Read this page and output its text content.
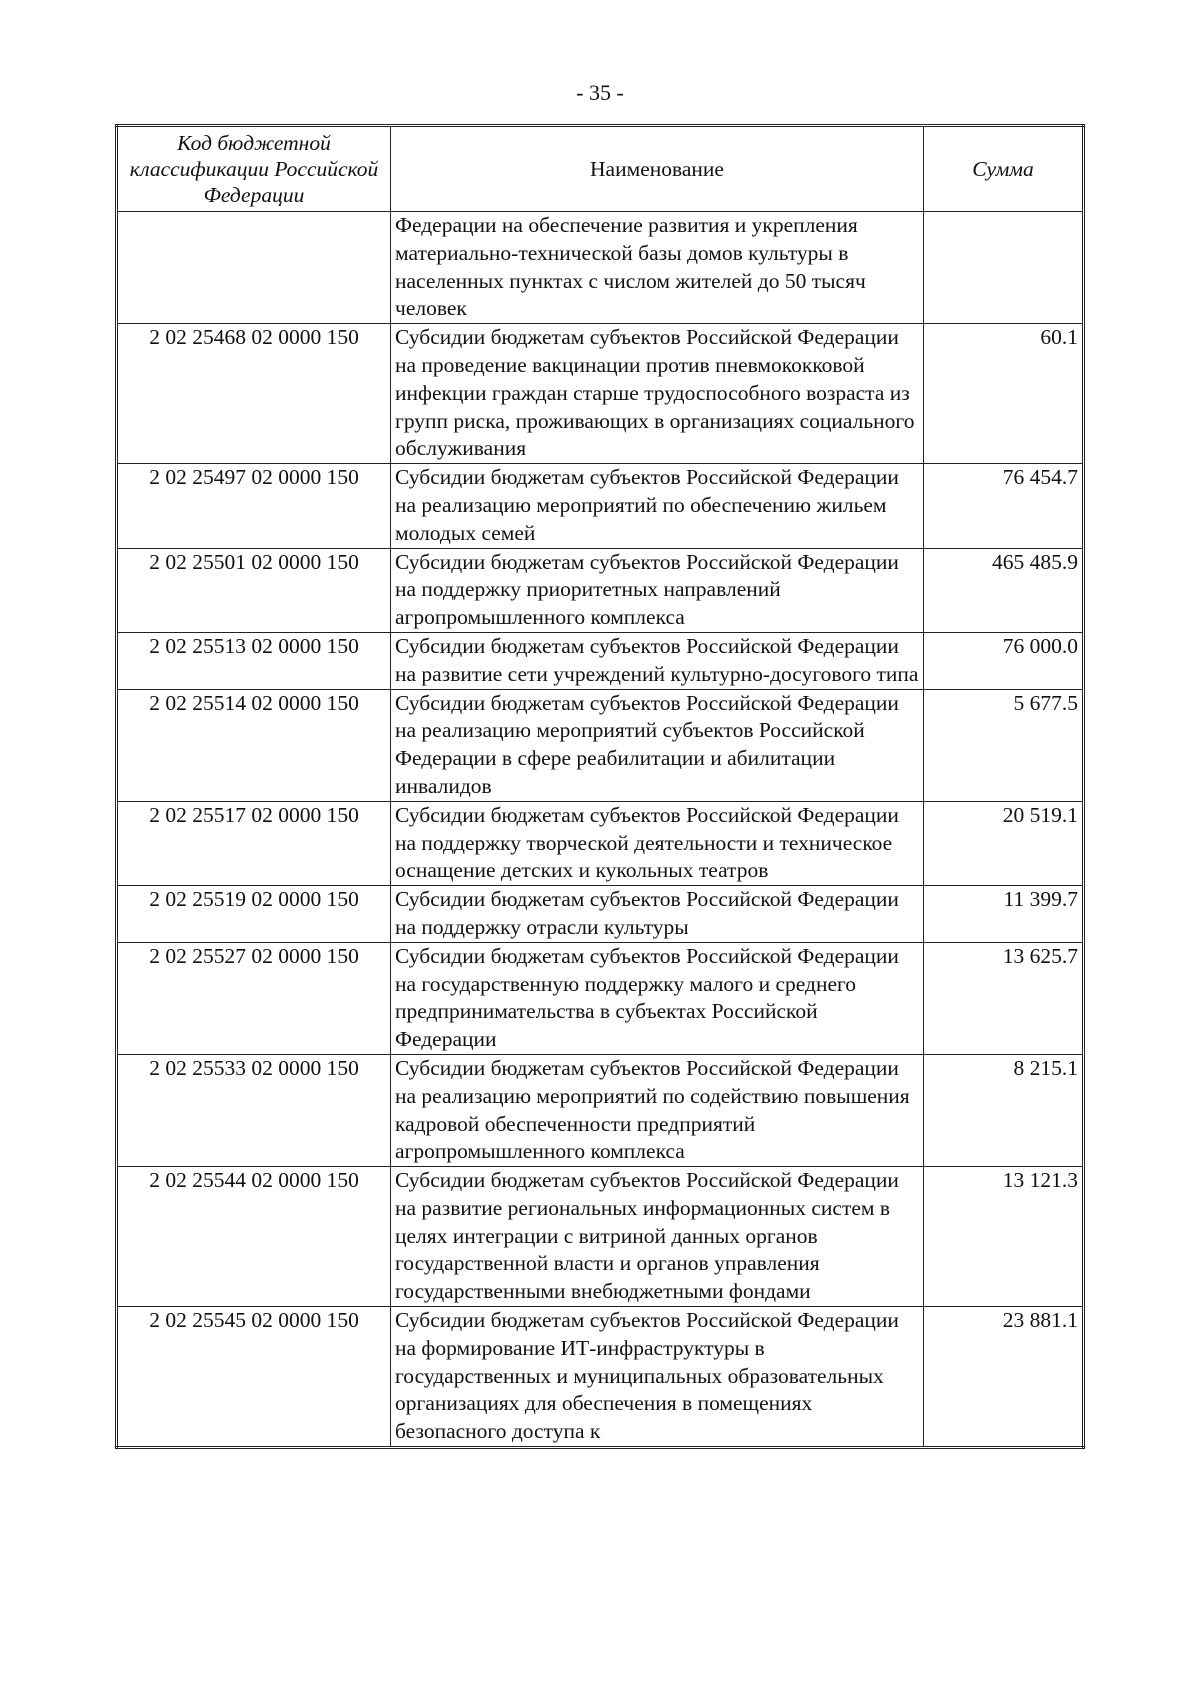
- 35 -
Код бюджетной классификации Российской Федерации	Наименование	Сумма
	Федерации на обеспечение развития и укрепления материально-технической базы домов культуры в населенных пунктах с числом жителей до 50 тысяч человек	
2 02 25468 02 0000 150	Субсидии бюджетам субъектов Российской Федерации на проведение вакцинации против пневмококковой инфекции граждан старше трудоспособного возраста из групп риска, проживающих в организациях социального обслуживания	60.1
2 02 25497 02 0000 150	Субсидии бюджетам субъектов Российской Федерации на реализацию мероприятий по обеспечению жильем молодых семей	76 454.7
2 02 25501 02 0000 150	Субсидии бюджетам субъектов Российской Федерации на поддержку приоритетных направлений агропромышленного комплекса	465 485.9
2 02 25513 02 0000 150	Субсидии бюджетам субъектов Российской Федерации на развитие сети учреждений культурно-досугового типа	76 000.0
2 02 25514 02 0000 150	Субсидии бюджетам субъектов Российской Федерации на реализацию мероприятий субъектов Российской Федерации в сфере реабилитации и абилитации инвалидов	5 677.5
2 02 25517 02 0000 150	Субсидии бюджетам субъектов Российской Федерации на поддержку творческой деятельности и техническое оснащение детских и кукольных театров	20 519.1
2 02 25519 02 0000 150	Субсидии бюджетам субъектов Российской Федерации на поддержку отрасли культуры	11 399.7
2 02 25527 02 0000 150	Субсидии бюджетам субъектов Российской Федерации на государственную поддержку малого и среднего предпринимательства в субъектах Российской Федерации	13 625.7
2 02 25533 02 0000 150	Субсидии бюджетам субъектов Российской Федерации на реализацию мероприятий по содействию повышения кадровой обеспеченности предприятий агропромышленного комплекса	8 215.1
2 02 25544 02 0000 150	Субсидии бюджетам субъектов Российской Федерации на развитие региональных информационных систем в целях интеграции с витриной данных органов государственной власти и органов управления государственными внебюджетными фондами	13 121.3
2 02 25545 02 0000 150	Субсидии бюджетам субъектов Российской Федерации на формирование ИТ-инфраструктуры в государственных и муниципальных образовательных организациях для обеспечения в помещениях безопасного доступа к	23 881.1
